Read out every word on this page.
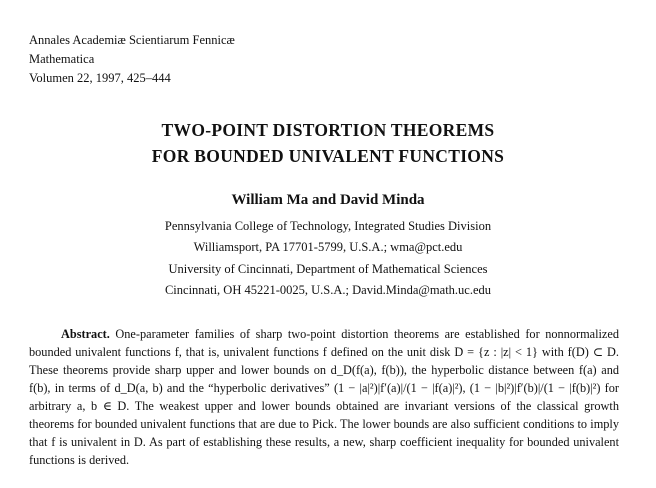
Annales Academiæ Scientiarum Fennicæ
Mathematica
Volumen 22, 1997, 425–444
TWO-POINT DISTORTION THEOREMS
FOR BOUNDED UNIVALENT FUNCTIONS
William Ma and David Minda
Pennsylvania College of Technology, Integrated Studies Division
Williamsport, PA 17701-5799, U.S.A.; wma@pct.edu
University of Cincinnati, Department of Mathematical Sciences
Cincinnati, OH 45221-0025, U.S.A.; David.Minda@math.uc.edu
Abstract. One-parameter families of sharp two-point distortion theorems are established for nonnormalized bounded univalent functions f, that is, univalent functions f defined on the unit disk D = {z : |z| < 1} with f(D) ⊂ D. These theorems provide sharp upper and lower bounds on d_D(f(a), f(b)), the hyperbolic distance between f(a) and f(b), in terms of d_D(a, b) and the “hyperbolic derivatives” (1 − |a|²)|f′(a)|/(1 − |f(a)|²), (1 − |b|²)|f′(b)|/(1 − |f(b)|²) for arbitrary a, b ∈ D. The weakest upper and lower bounds obtained are invariant versions of the classical growth theorems for bounded univalent functions that are due to Pick. The lower bounds are also sufficient conditions to imply that f is univalent in D. As part of establishing these results, a new, sharp coefficient inequality for bounded univalent functions is derived.
